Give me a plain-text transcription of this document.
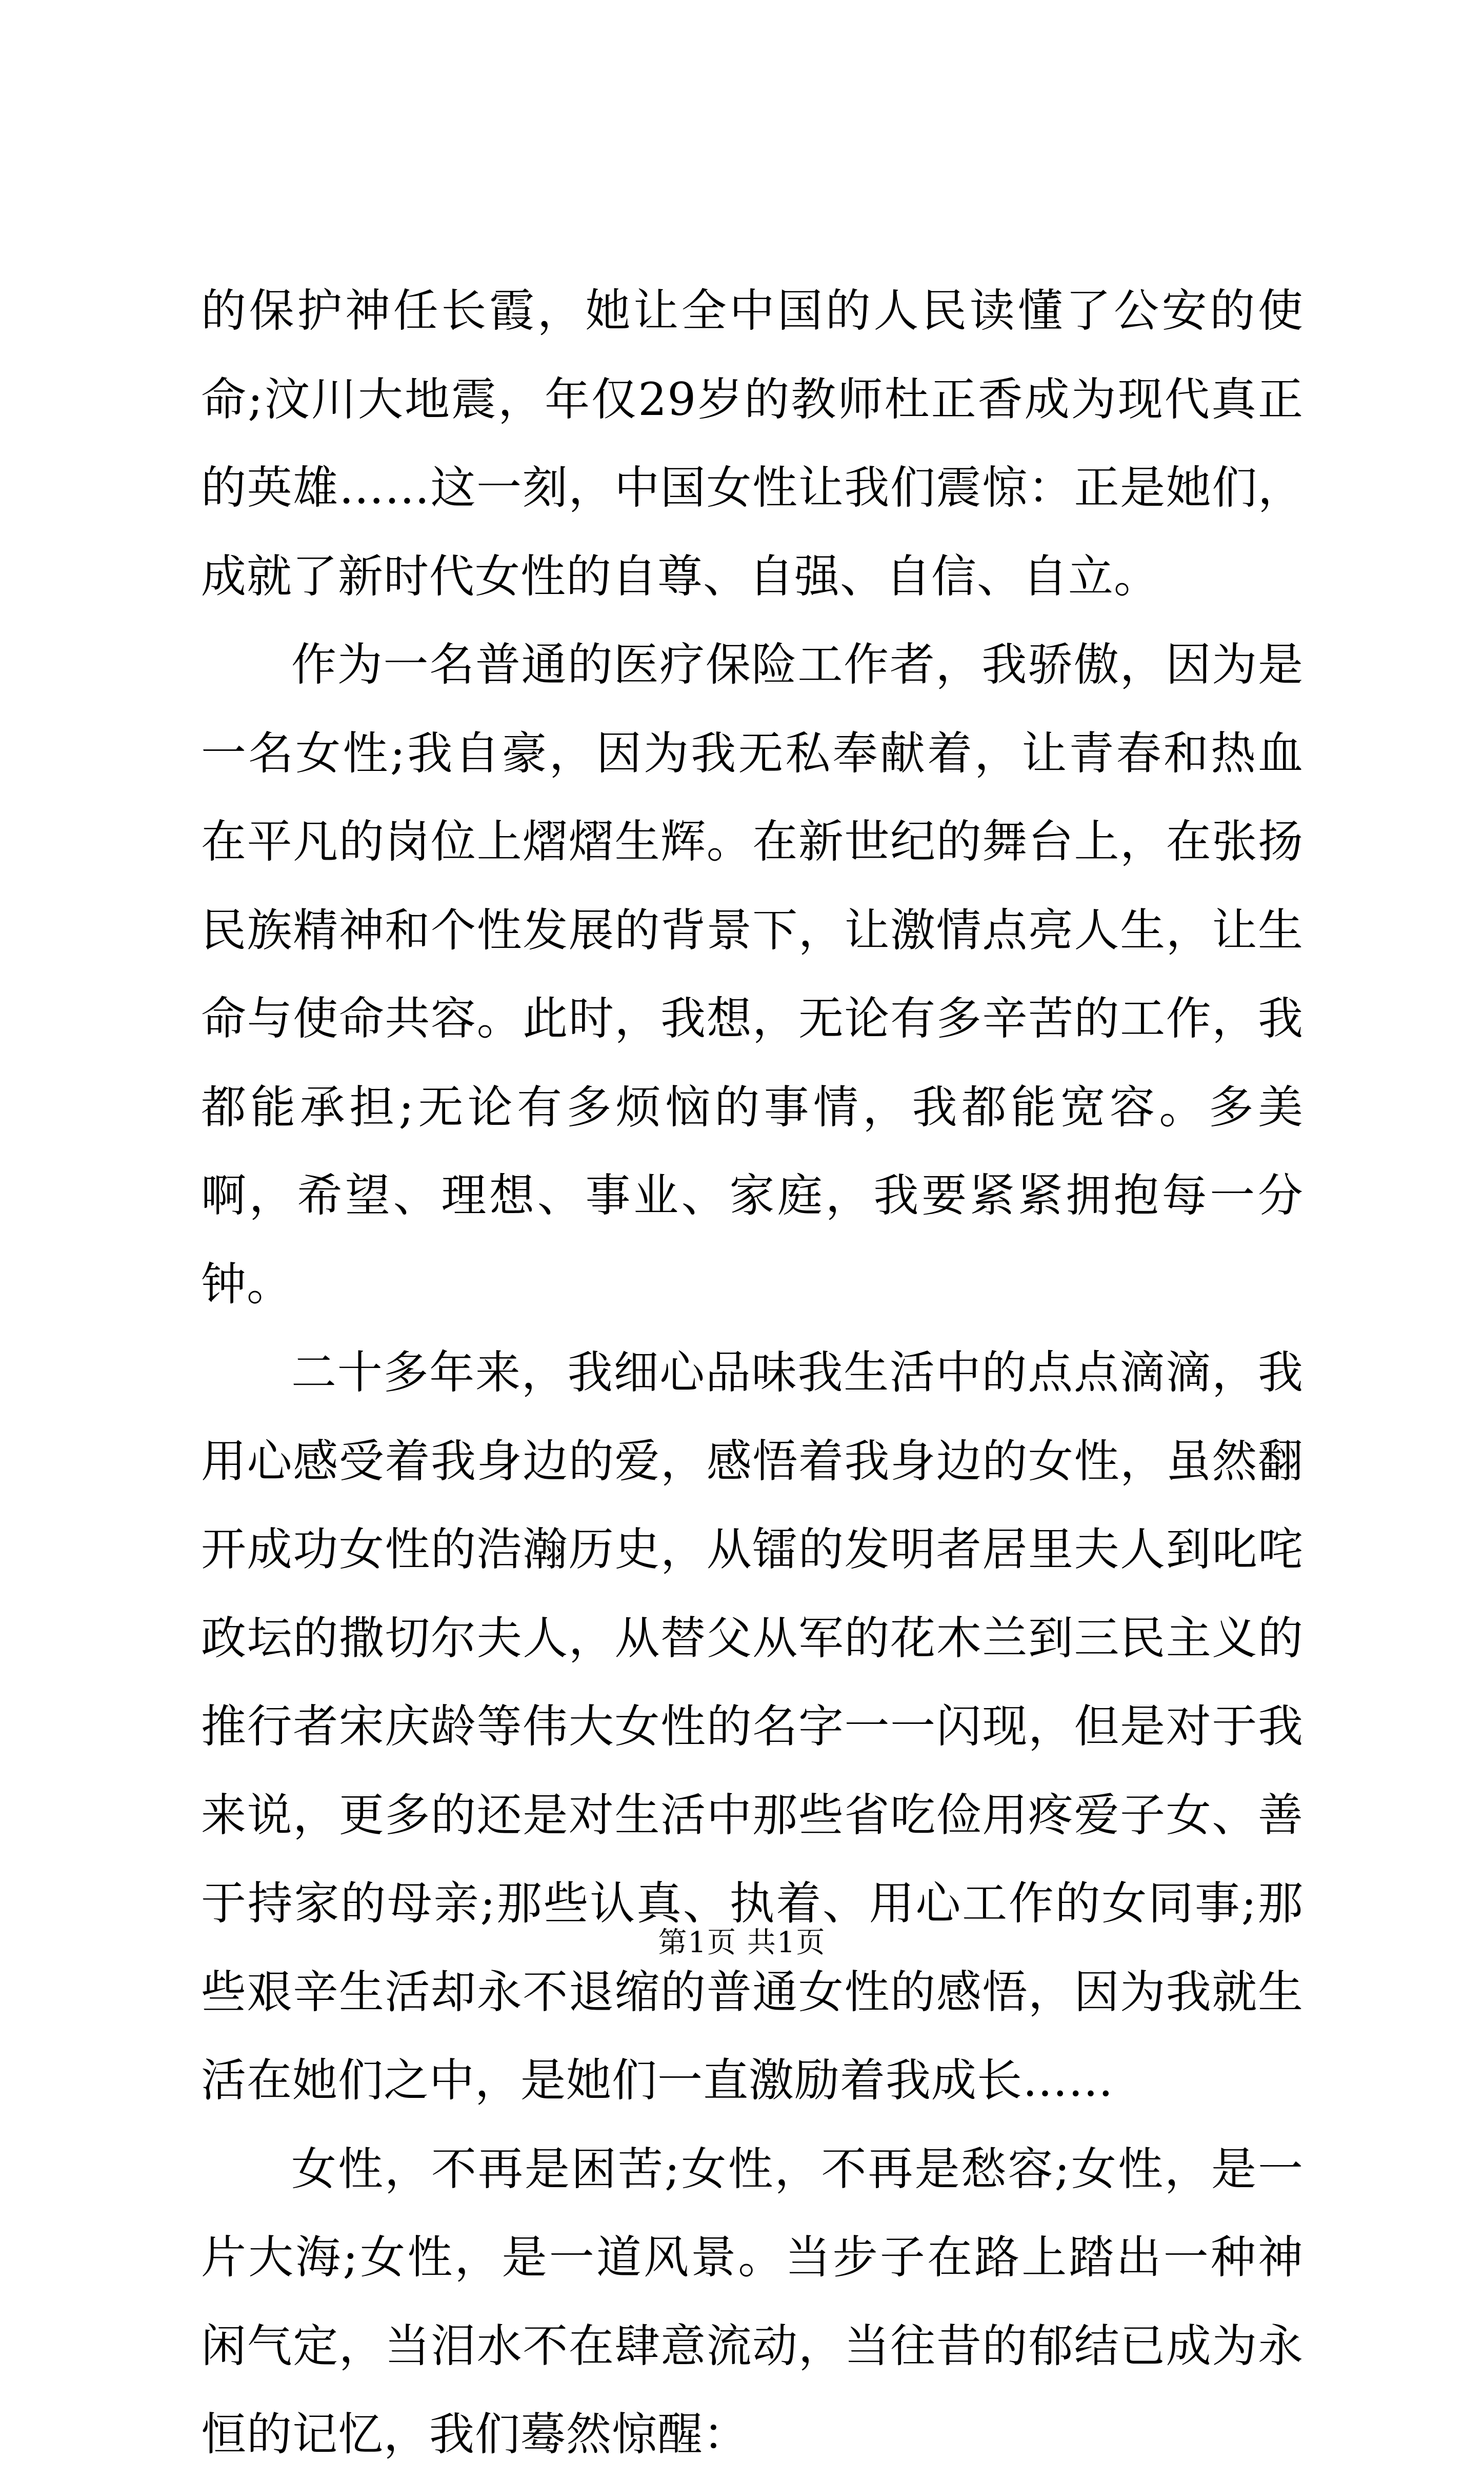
的保护神任长霞，她让全中国的人民读懂了公安的使命;汶川大地震，年仅29岁的教师杜正香成为现代真正的英雄……这一刻，中国女性让我们震惊：正是她们，成就了新时代女性的自尊、自强、自信、自立。

作为一名普通的医疗保险工作者，我骄傲，因为是一名女性;我自豪，因为我无私奉献着，让青春和热血在平凡的岗位上熠熠生辉。在新世纪的舞台上，在张扬民族精神和个性发展的背景下，让激情点亮人生，让生命与使命共容。此时，我想，无论有多辛苦的工作，我都能承担;无论有多烦恼的事情，我都能宽容。多美啊，希望、理想、事业、家庭，我要紧紧拥抱每一分钟。

二十多年来，我细心品味我生活中的点点滴滴，我用心感受着我身边的爱，感悟着我身边的女性，虽然翻开成功女性的浩瀚历史，从镭的发明者居里夫人到叱咤政坛的撒切尔夫人，从替父从军的花木兰到三民主义的推行者宋庆龄等伟大女性的名字一一闪现，但是对于我来说，更多的还是对生活中那些省吃俭用疼爱子女、善于持家的母亲;那些认真、执着、用心工作的女同事;那些艰辛生活却永不退缩的普通女性的感悟，因为我就生活在她们之中，是她们一直激励着我成长……

女性，不再是困苦;女性，不再是愁容;女性，是一片大海;女性，是一道风景。当步子在路上踏出一种神闲气定，当泪水不在肆意流动，当往昔的郁结已成为永恒的记忆，我们蓦然惊醒：

第1页 共1页
